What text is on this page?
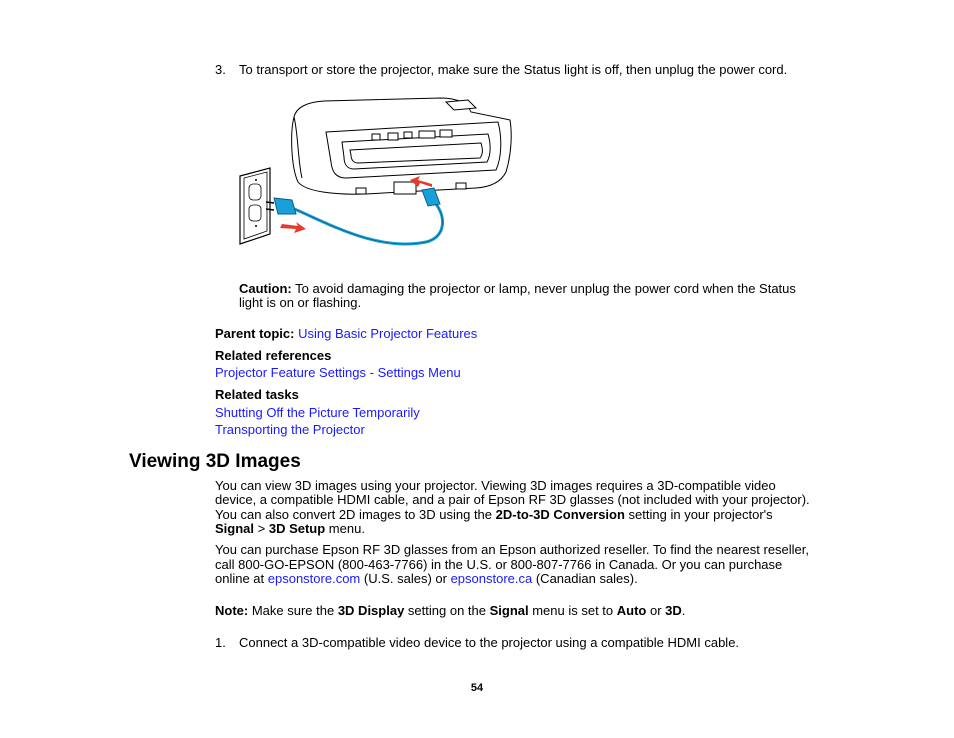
3. To transport or store the projector, make sure the Status light is off, then unplug the power cord.
Caution: To avoid damaging the projector or lamp, never unplug the power cord when the Status
light is on or flashing.
Parent topic: Using Basic Projector Features
Related references
Projector Feature Settings - Settings Menu
Related tasks
Shutting Off the Picture Temporarily
Transporting the Projector
Viewing 3D Images
You can view 3D images using your projector. Viewing 3D images requires a 3D-compatible video
device, a compatible HDMI cable, and a pair of Epson RF 3D glasses (not included with your projector).
You can also convert 2D images to 3D using the 2D-to-3D Conversion setting in your projector's
Signal > 3D Setup menu.
You can purchase Epson RF 3D glasses from an Epson authorized reseller. To find the nearest reseller,
call 800-GO-EPSON (800-463-7766) in the U.S. or 800-807-7766 in Canada. Or you can purchase
online at epsonstore.com (U.S. sales) or epsonstore.ca (Canadian sales).
Note: Make sure the 3D Display setting on the Signal menu is set to Auto or 3D.
1. Connect a 3D-compatible video device to the projector using a compatible HDMI cable.
54
